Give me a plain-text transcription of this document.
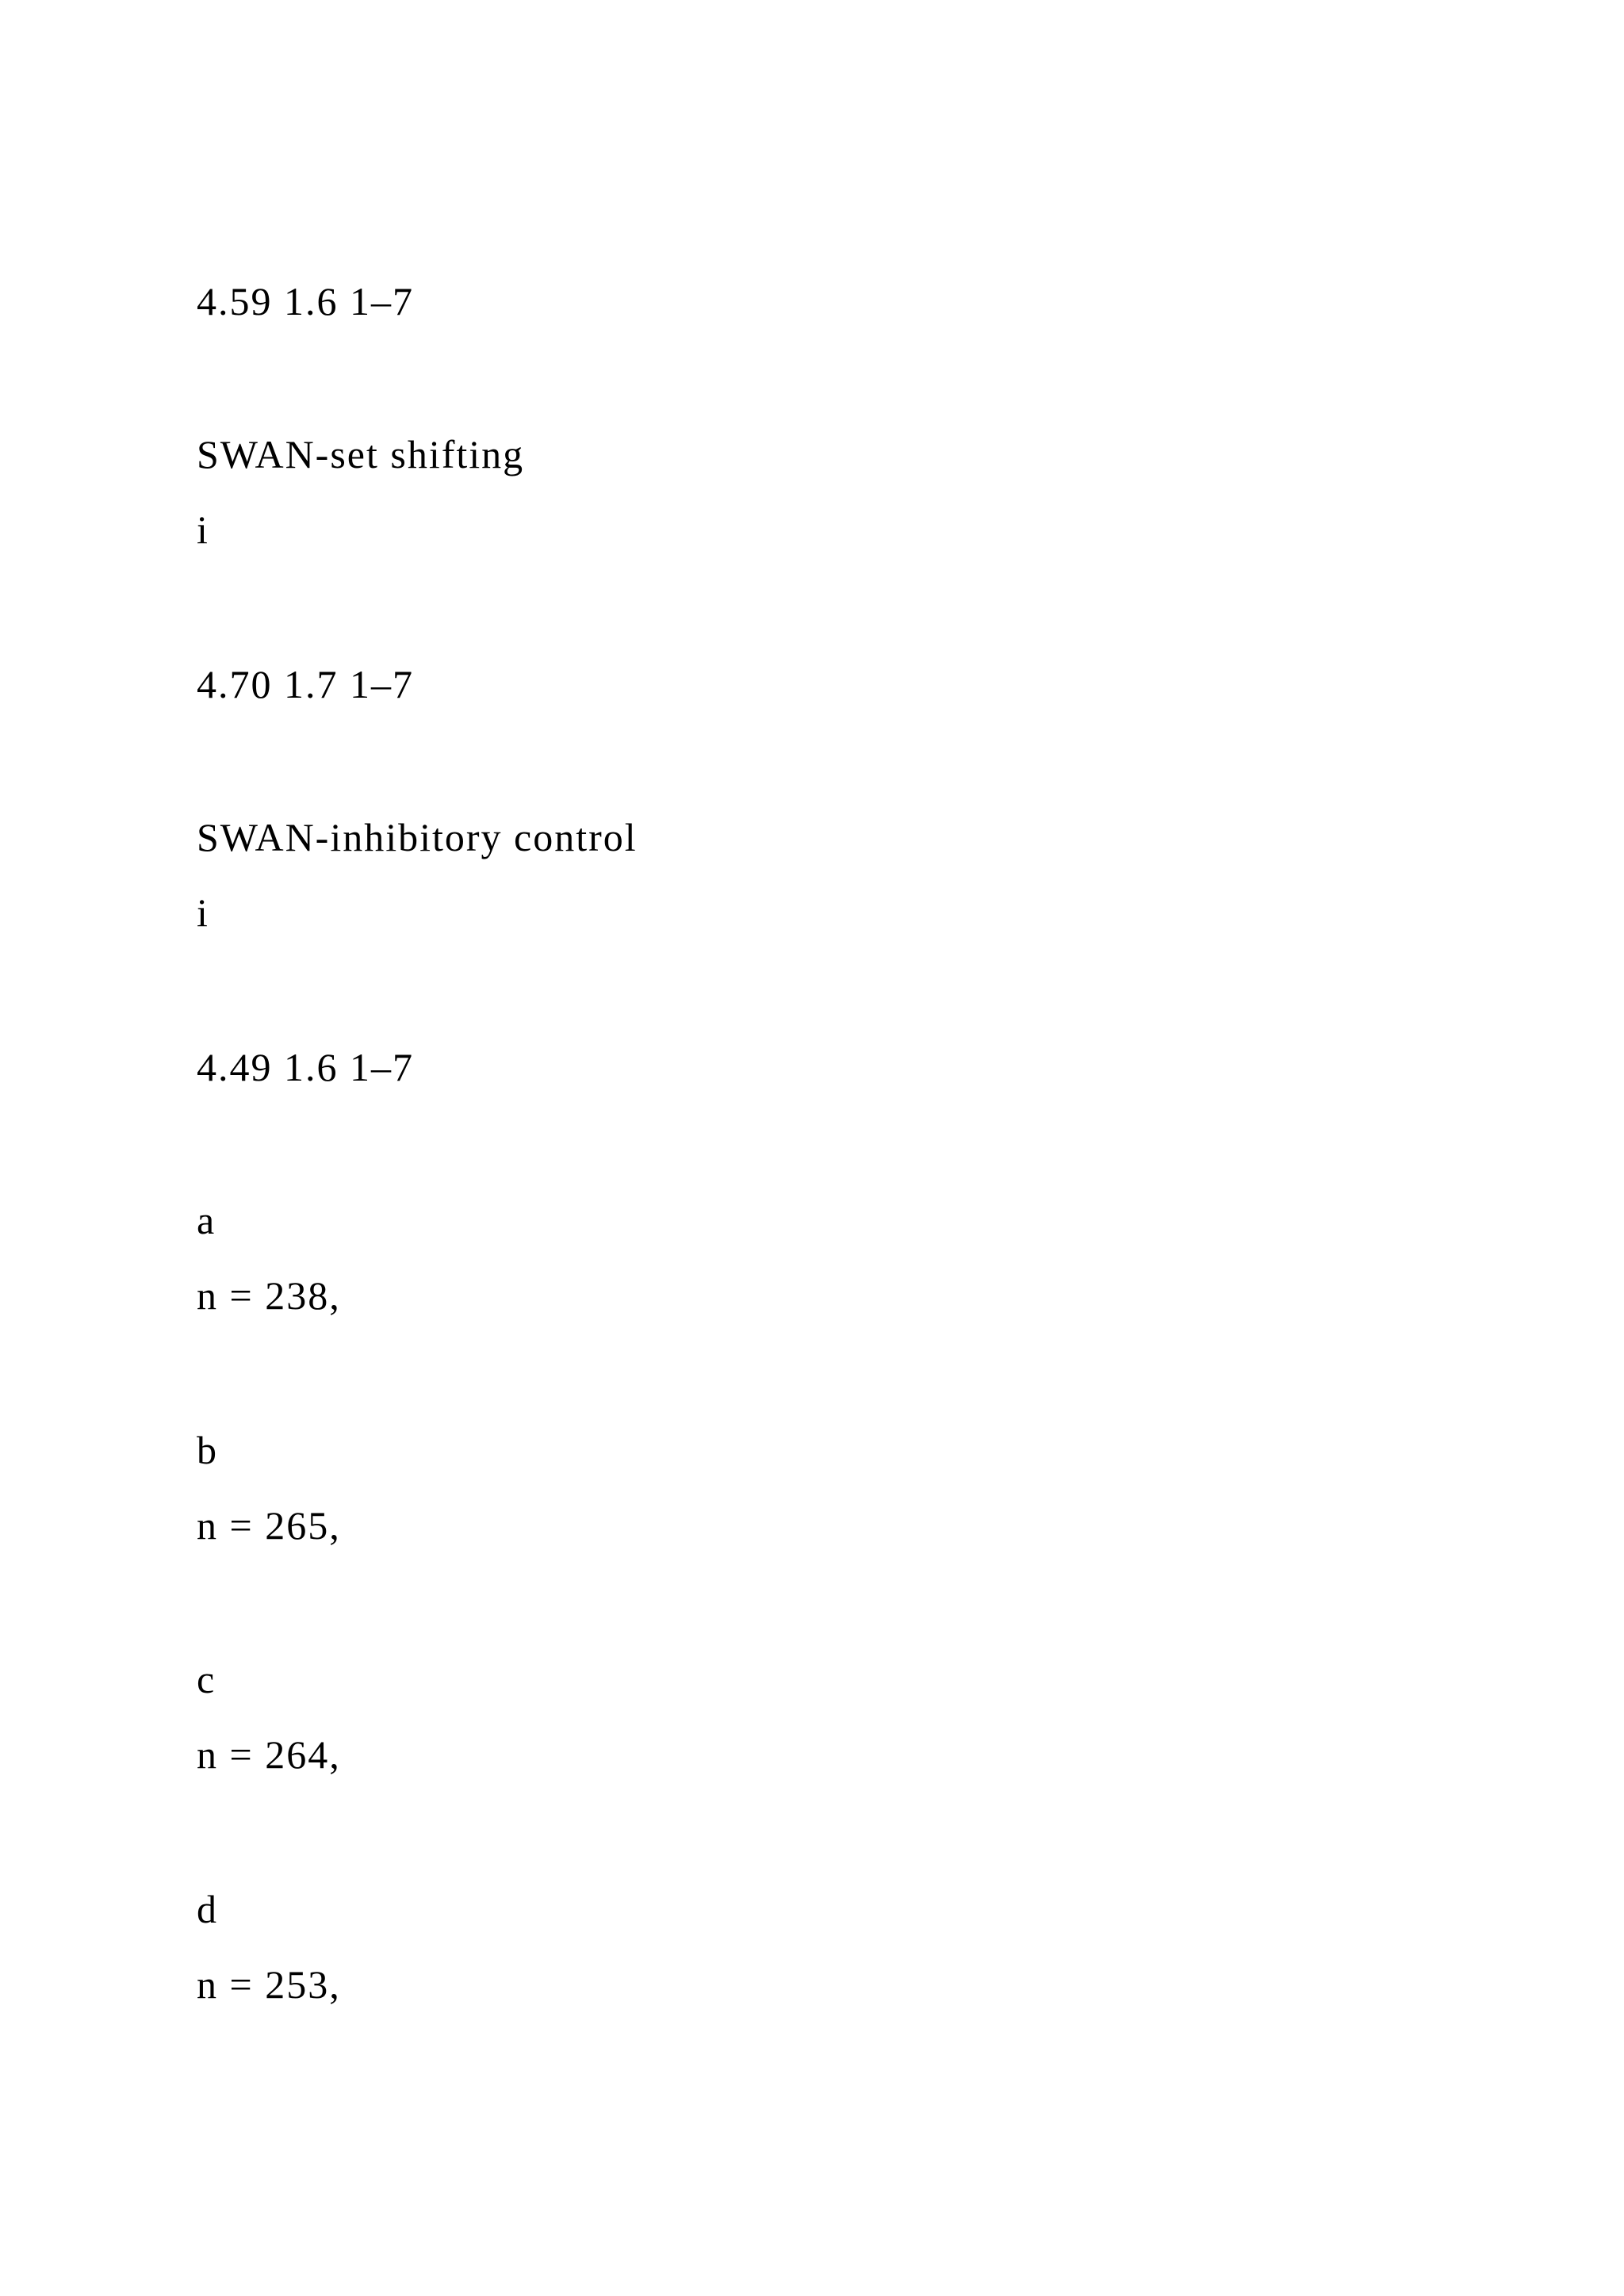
4.59 1.6 1–7

SWAN-set shifting

i

4.70 1.7 1–7

SWAN-inhibitory control

i

4.49 1.6 1–7

a

n = 238,

b

n = 265,

c

n = 264,

d

n = 253,
